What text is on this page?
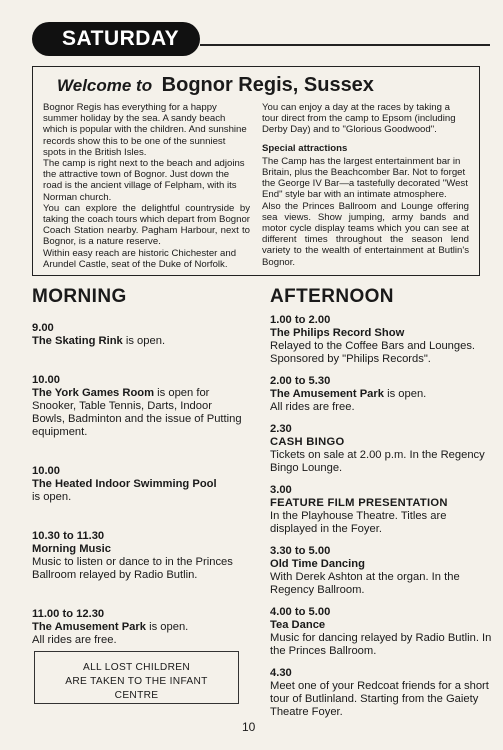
SATURDAY
Welcome to Bognor Regis, Sussex

Bognor Regis has everything for a happy summer holiday by the sea. A sandy beach which is popular with the children. And sunshine records show this to be one of the sunniest spots in the British Isles.

The camp is right next to the beach and adjoins the attractive town of Bognor. Just down the road is the ancient village of Felpham, with its Norman church.

You can explore the delightful countryside by taking the coach tours which depart from Bognor Coach Station nearby. Pagham Harbour, next to Bognor, is a nature reserve.

Within easy reach are historic Chichester and Arundel Castle, seat of the Duke of Norfolk.

You can enjoy a day at the races by taking a tour direct from the camp to Epsom (including Derby Day) and to "Glorious Goodwood".

Special attractions

The Camp has the largest entertainment bar in Britain, plus the Beachcomber Bar. Not to forget the George IV Bar—a tastefully decorated "West End" style bar with an intimate atmosphere.

Also the Princes Ballroom and Lounge offering sea views. Show jumping, army bands and motor cycle display teams which you can see at different times throughout the season lend variety to the wealth of entertainment at Butlin's Bognor.

MORNING
9.00
The Skating Rink is open.
10.00
The York Games Room is open for Snooker, Table Tennis, Darts, Indoor Bowls, Badminton and the issue of Putting equipment.
10.00
The Heated Indoor Swimming Pool
is open.
10.30 to 11.30
Morning Music
Music to listen or dance to in the Princes Ballroom relayed by Radio Butlin.
11.00 to 12.30
The Amusement Park is open.
All rides are free.
AFTERNOON
1.00 to 2.00
The Philips Record Show
Relayed to the Coffee Bars and Lounges. Sponsored by "Philips Records".
2.00 to 5.30
The Amusement Park is open.
All rides are free.
2.30
CASH BINGO
Tickets on sale at 2.00 p.m. In the Regency Bingo Lounge.
3.00
FEATURE FILM PRESENTATION
In the Playhouse Theatre. Titles are displayed in the Foyer.
3.30 to 5.00
Old Time Dancing
With Derek Ashton at the organ. In the Regency Ballroom.
4.00 to 5.00
Tea Dance
Music for dancing relayed by Radio Butlin. In the Princes Ballroom.
4.30
Meet one of your Redcoat friends for a short tour of Butlinland. Starting from the Gaiety Theatre Foyer.
ALL LOST CHILDREN
ARE TAKEN TO THE INFANT
CENTRE
10
